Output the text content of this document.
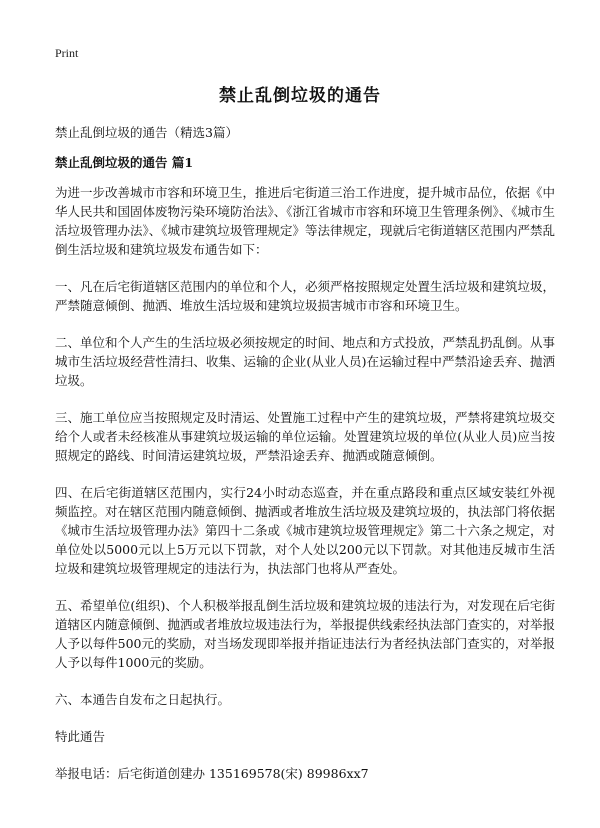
Print
禁止乱倒垃圾的通告
禁止乱倒垃圾的通告（精选3篇）
禁止乱倒垃圾的通告 篇1

为进一步改善城市市容和环境卫生，推进后宅街道三治工作进度，提升城市品位，依据《中华人民共和国固体废物污染环境防治法》、《浙江省城市市容和环境卫生管理条例》、《城市生活垃圾管理办法》、《城市建筑垃圾管理规定》等法律规定，现就后宅街道辖区范围内严禁乱倒生活垃圾和建筑垃圾发布通告如下：

一、凡在后宅街道辖区范围内的单位和个人，必须严格按照规定处置生活垃圾和建筑垃圾，严禁随意倾倒、抛洒、堆放生活垃圾和建筑垃圾损害城市市容和环境卫生。

二、单位和个人产生的生活垃圾必须按规定的时间、地点和方式投放，严禁乱扔乱倒。从事城市生活垃圾经营性清扫、收集、运输的企业(从业人员)在运输过程中严禁沿途丢弃、抛洒垃圾。

三、施工单位应当按照规定及时清运、处置施工过程中产生的建筑垃圾，严禁将建筑垃圾交给个人或者未经核准从事建筑垃圾运输的单位运输。处置建筑垃圾的单位(从业人员)应当按照规定的路线、时间清运建筑垃圾，严禁沿途丢弃、抛洒或随意倾倒。

四、在后宅街道辖区范围内，实行24小时动态巡查，并在重点路段和重点区域安装红外视频监控。对在辖区范围内随意倾倒、抛洒或者堆放生活垃圾及建筑垃圾的，执法部门将依据《城市生活垃圾管理办法》第四十二条或《城市建筑垃圾管理规定》第二十六条之规定，对单位处以5000元以上5万元以下罚款，对个人处以200元以下罚款。对其他违反城市生活垃圾和建筑垃圾管理规定的违法行为，执法部门也将从严查处。

五、希望单位(组织)、个人积极举报乱倒生活垃圾和建筑垃圾的违法行为，对发现在后宅街道辖区内随意倾倒、抛洒或者堆放垃圾违法行为，举报提供线索经执法部门查实的，对举报人予以每件500元的奖励，对当场发现即举报并指证违法行为者经执法部门查实的，对举报人予以每件1000元的奖励。

六、本通告自发布之日起执行。

特此通告

举报电话：后宅街道创建办 135169578(宋) 89986xx7
